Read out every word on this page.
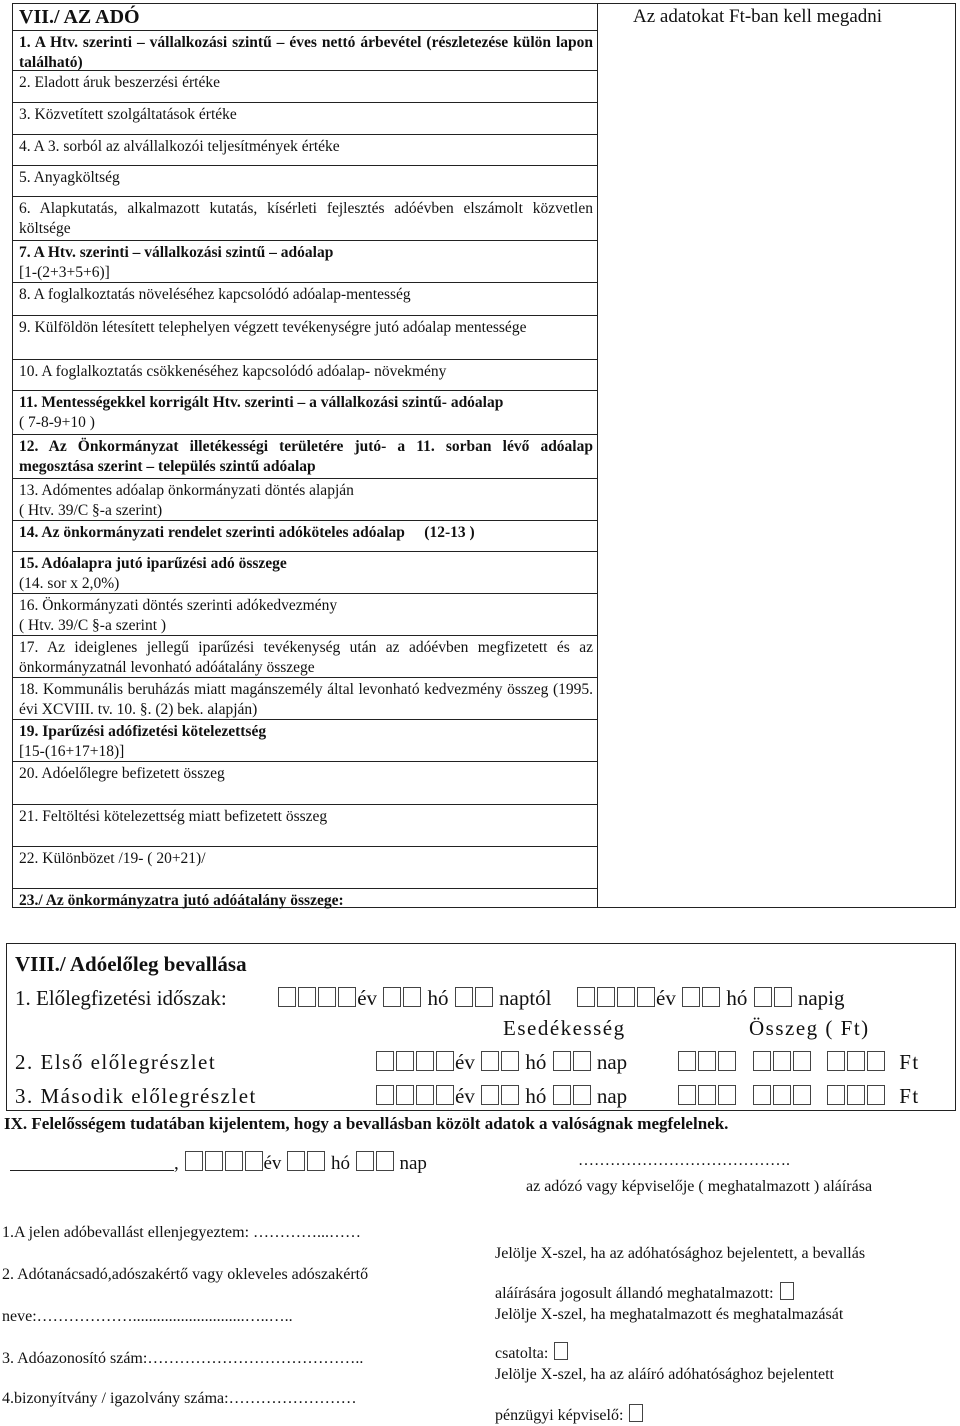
VII./ AZ ADÓ	Az adatokat Ft-ban kell megadni
1. A Htv. szerinti – vállalkozási szintű – éves nettó árbevétel (részletezése külön lapon található)
2. Eladott áruk beszerzési értéke
3. Közvetített szolgáltatások értéke
4. A 3. sorból az alvállalkozói teljesítmények értéke
5. Anyagköltség
6. Alapkutatás, alkalmazott kutatás, kísérleti fejlesztés adóévben elszámolt közvetlen költsége
7. A Htv. szerinti – vállalkozási szintű – adóalap
[1-(2+3+5+6)]
8. A foglalkoztatás növeléséhez kapcsolódó adóalap-mentesség
9. Külföldön létesített telephelyen végzett tevékenységre jutó adóalap mentessége
10. A foglalkoztatás csökkenéséhez kapcsolódó adóalap- növekmény
11. Mentességekkel korrigált Htv. szerinti – a vállalkozási szintű- adóalap
( 7-8-9+10 )
12. Az Önkormányzat illetékességi területére jutó- a 11. sorban lévő adóalap megosztása szerint – település szintű adóalap
13. Adómentes adóalap önkormányzati döntés alapján
( Htv. 39/C §-a szerint)
14. Az önkormányzati rendelet szerinti adóköteles adóalap     (12-13 )
15. Adóalapra jutó iparűzési adó összege
(14. sor x 2,0%)
16. Önkormányzati döntés szerinti adókedvezmény
( Htv. 39/C §-a szerint )
17. Az ideiglenes jellegű iparűzési tevékenység után az adóévben megfizetett és az önkormányzatnál levonható adóátalány összege
18. Kommunális beruházás miatt magánszemély által levonható kedvezmény összeg (1995. évi XCVIII. tv. 10. §. (2) bek. alapján)
19. Iparűzési adófizetési kötelezettség
[15-(16+17+18)]
20. Adóelőlegre befizetett összeg
21. Feltöltési kötelezettség miatt befizetett összeg
22. Különbözet /19- ( 20+21)/
23./ Az önkormányzatra jutó adóátalány összege:
VIII./ Adóelőleg bevallása
1. Előlegfizetési időszak:	év hó naptól	év hó napig
Esedékesség	Összeg ( Ft)
2. Első előlegrészlet	év hó nap	Ft
3. Második előlegrészlet	év hó nap	Ft
IX. Felelősségem tudatában kijelentem, hogy a bevallásban közölt adatok a valóságnak megfelelnek.
,	év	hó	nap	………………………………….
az adózó vagy képviselője ( meghatalmazott ) aláírása
1.A jelen adóbevallást ellenjegyeztem: …………...……
2. Adótanácsadó,adószakértő vagy okleveles adószakértő
neve:………………............................…..…..
3. Adóazonosító szám:…………………………………..
4.bizonyítvány / igazolvány száma:……………………
Jelölje X-szel, ha az adóhatósághoz bejelentett, a bevallás
aláírására jogosult állandó meghatalmazott:
Jelölje X-szel, ha meghatalmazott és meghatalmazását
csatolta:
Jelölje X-szel, ha az aláíró adóhatósághoz bejelentett
pénzügyi képviselő:
